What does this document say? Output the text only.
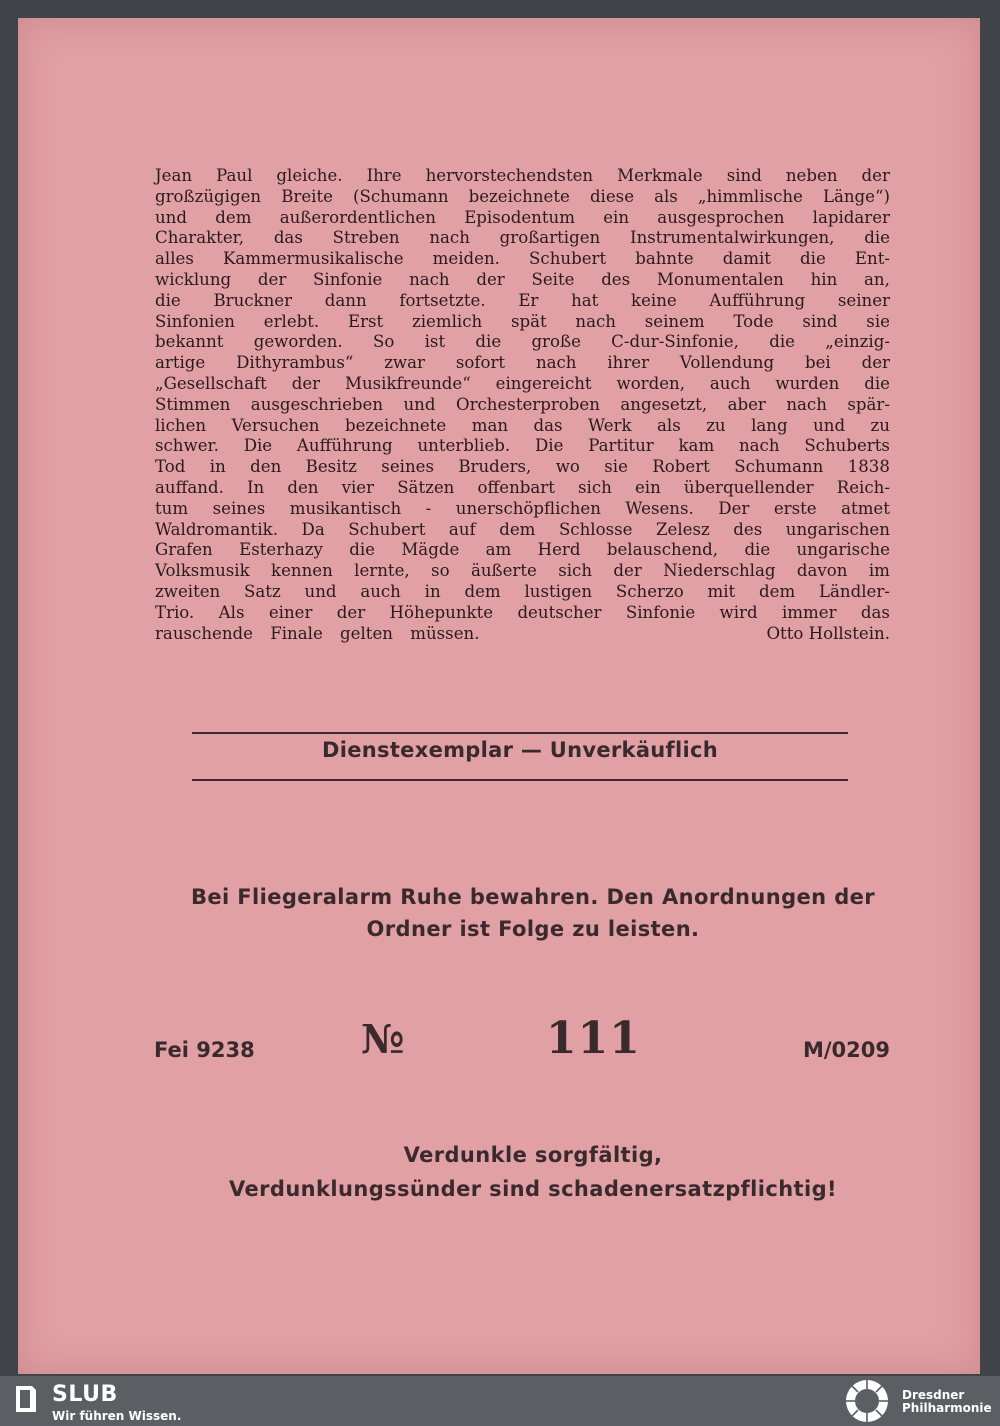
Jean Paul gleiche. Ihre hervorstechendsten Merkmale sind neben der
großzügigen Breite (Schumann bezeichnete diese als „himmlische Länge“)
und dem außerordentlichen Episodentum ein ausgesprochen lapidarer
Charakter, das Streben nach großartigen Instrumentalwirkungen, die
alles Kammermusikalische meiden. Schubert bahnte damit die Ent-
wicklung der Sinfonie nach der Seite des Monumentalen hin an,
die Bruckner dann fortsetzte. Er hat keine Aufführung seiner
Sinfonien erlebt. Erst ziemlich spät nach seinem Tode sind sie
bekannt geworden. So ist die große C-dur-Sinfonie, die „einzig-
artige Dithyrambus“ zwar sofort nach ihrer Vollendung bei der
„Gesellschaft der Musikfreunde“ eingereicht worden, auch wurden die
Stimmen ausgeschrieben und Orchesterproben angesetzt, aber nach spär-
lichen Versuchen bezeichnete man das Werk als zu lang und zu
schwer. Die Aufführung unterblieb. Die Partitur kam nach Schuberts
Tod in den Besitz seines Bruders, wo sie Robert Schumann 1838
auffand. In den vier Sätzen offenbart sich ein überquellender Reich-
tum seines musikantisch - unerschöpflichen Wesens. Der erste atmet
Waldromantik. Da Schubert auf dem Schlosse Zelesz des ungarischen
Grafen Esterhazy die Mägde am Herd belauschend, die ungarische
Volksmusik kennen lernte, so äußerte sich der Niederschlag davon im
zweiten Satz und auch in dem lustigen Scherzo mit dem Ländler-
Trio. Als einer der Höhepunkte deutscher Sinfonie wird immer das
rauschende Finale gelten müssen.	Otto Hollstein.
Dienstexemplar — Unverkäuflich
Bei Fliegeralarm Ruhe bewahren. Den Anordnungen der
Ordner ist Folge zu leisten.
Fei 9238	№	111	M/0209
Verdunkle sorgfältig,
Verdunklungssünder sind schadenersatzpflichtig!
SLUB
Wir führen Wissen.
Dresdner
Philharmonie
